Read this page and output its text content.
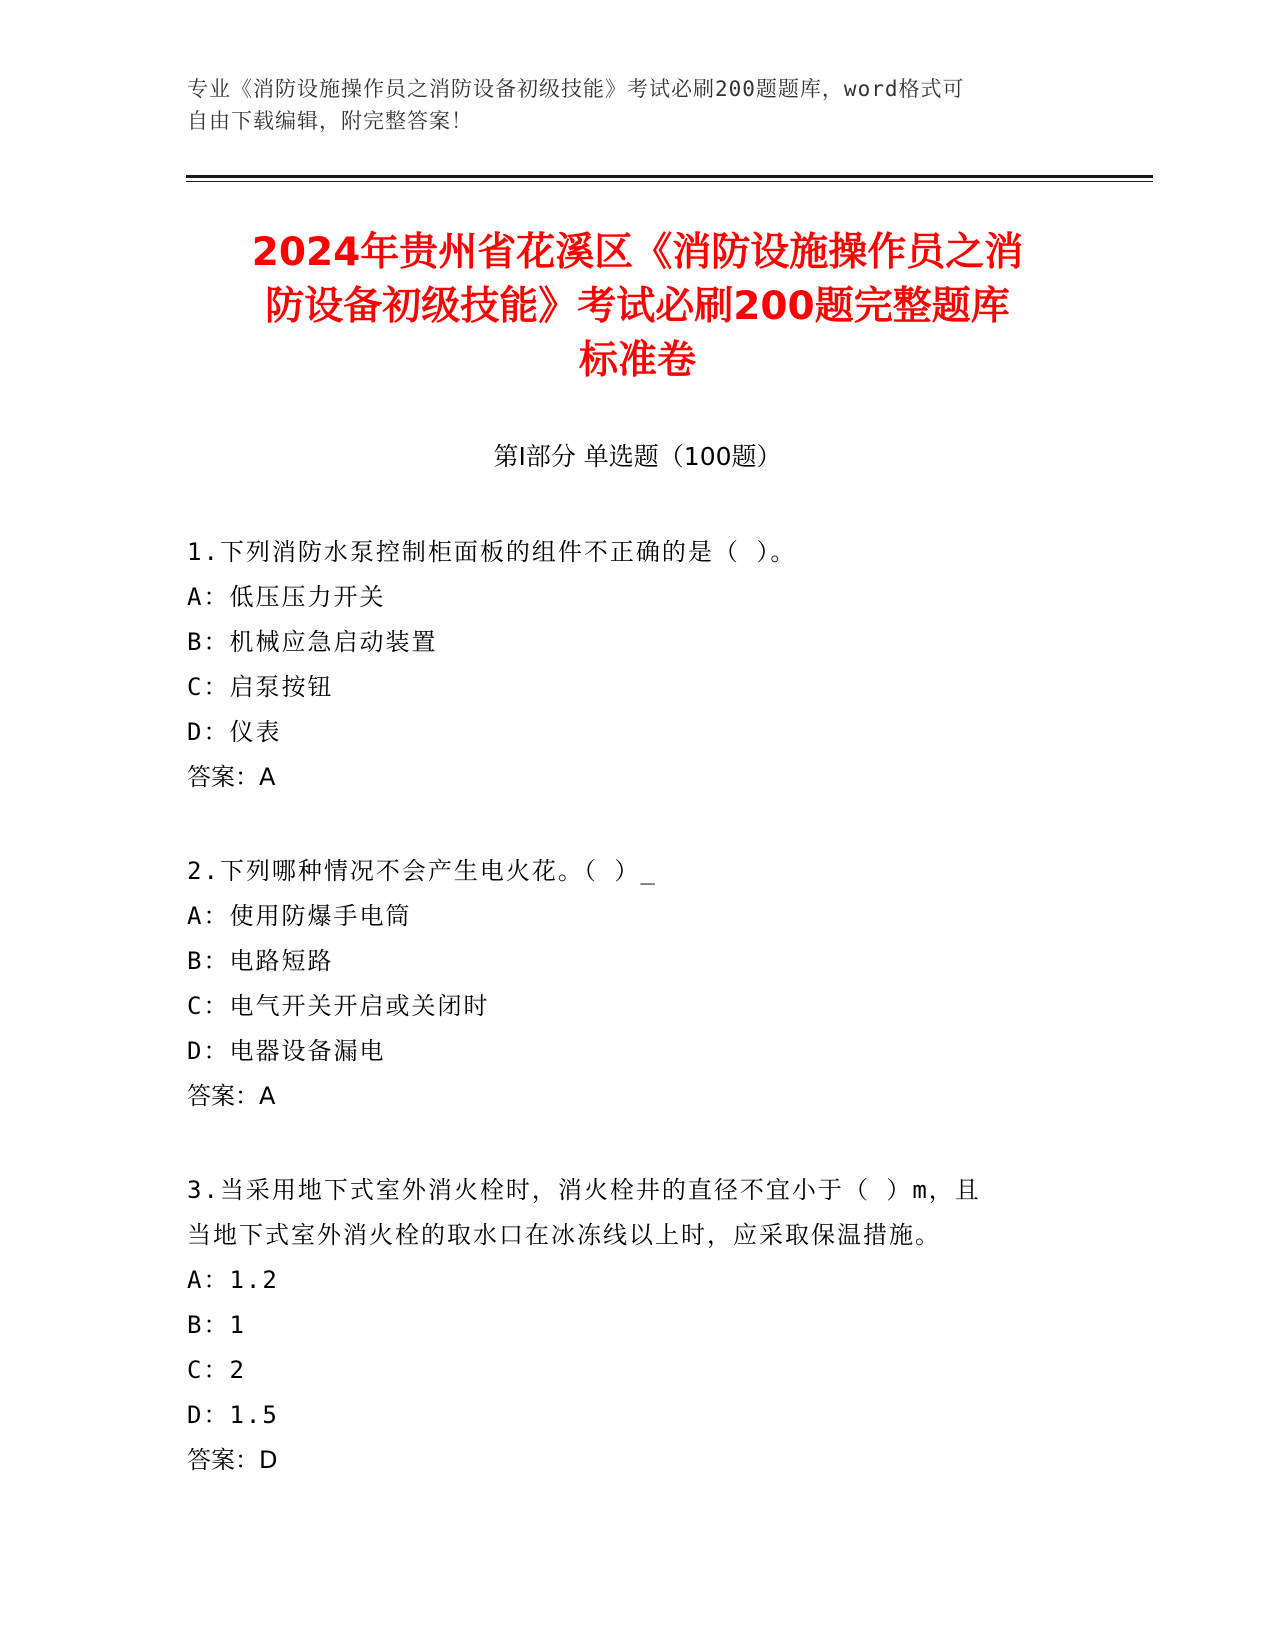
专业《消防设施操作员之消防设备初级技能》考试必刷200题题库，word格式可
自由下载编辑，附完整答案！
2024年贵州省花溪区《消防设施操作员之消
防设备初级技能》考试必刷200题完整题库
标准卷
第Ⅰ部分 单选题（100题）
1.下列消防水泵控制柜面板的组件不正确的是（ ）。
A：低压压力开关
B：机械应急启动装置
C：启泵按钮
D：仪表
答案：A
2.下列哪种情况不会产生电火花。（ ）_
A：使用防爆手电筒
B：电路短路
C：电气开关开启或关闭时
D：电器设备漏电
答案：A
3.当采用地下式室外消火栓时，消火栓井的直径不宜小于（ ）m，且
当地下式室外消火栓的取水口在冰冻线以上时，应采取保温措施。
A：1.2
B：1
C：2
D：1.5
答案：D
